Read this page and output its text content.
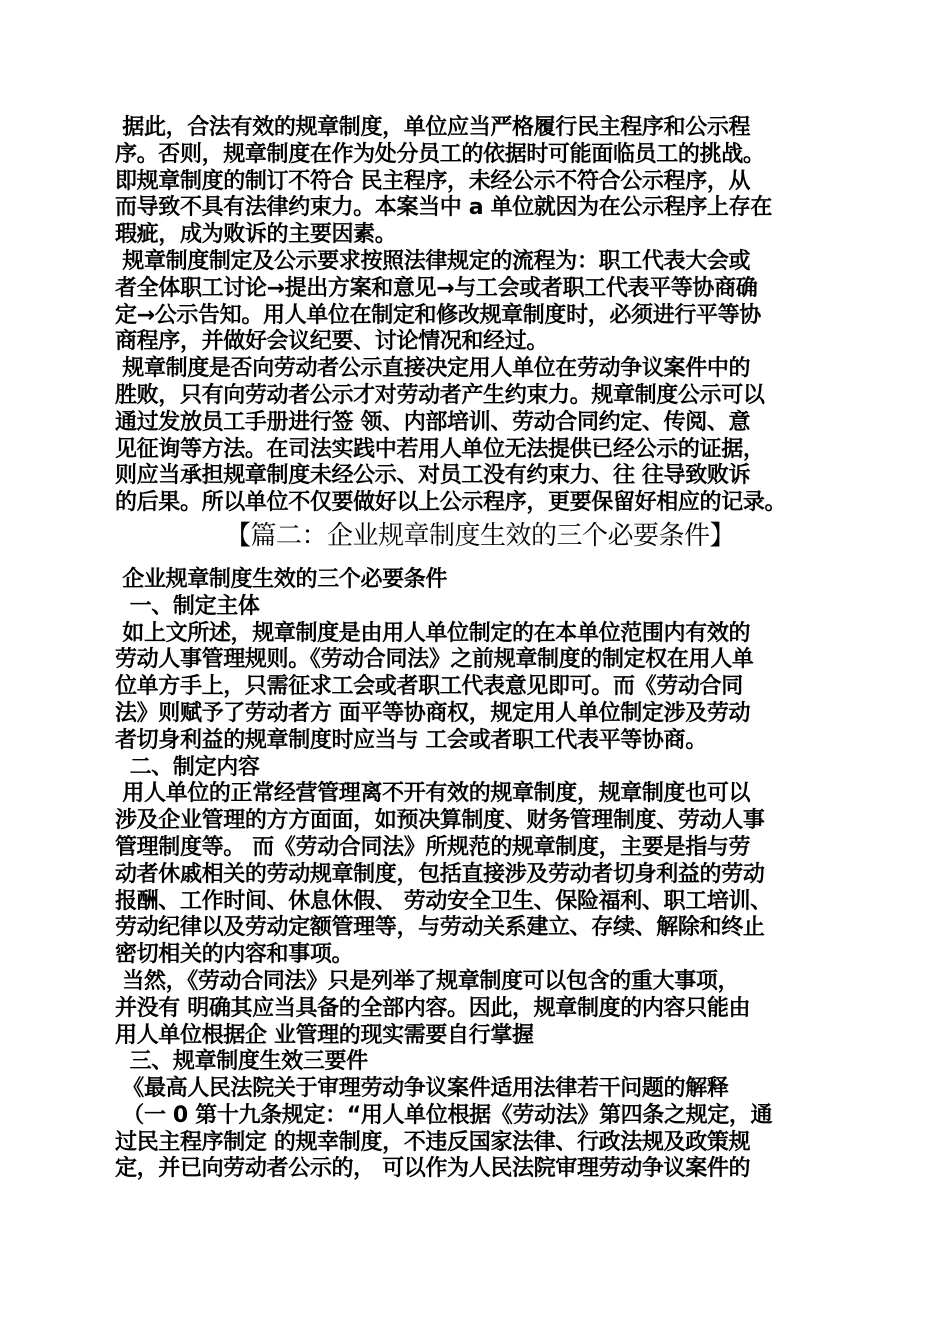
据此，合法有效的规章制度，单位应当严格履行民主程序和公示程
序。否则，规章制度在作为处分员工的依据时可能面临员工的挑战。
即规章制度的制订不符合 民主程序，未经公示不符合公示程序，从
而导致不具有法律约束力。本案当中 a 单位就因为在公示程序上存在
瑕疵，成为败诉的主要因素。
规章制度制定及公示要求按照法律规定的流程为：职工代表大会或
者全体职工讨论→提出方案和意见→与工会或者职工代表平等协商确
定→公示告知。用人单位在制定和修改规章制度时，必须进行平等协
商程序，并做好会议纪要、讨论情况和经过。
规章制度是否向劳动者公示直接决定用人单位在劳动争议案件中的
胜败，只有向劳动者公示才对劳动者产生约束力。规章制度公示可以
通过发放员工手册进行签 领、内部培训、劳动合同约定、传阅、意
见征询等方法。在司法实践中若用人单位无法提供已经公示的证据，
则应当承担规章制度未经公示、对员工没有约束力、往 往导致败诉
的后果。所以单位不仅要做好以上公示程序，更要保留好相应的记录。
【篇二：企业规章制度生效的三个必要条件】
企业规章制度生效的三个必要条件
一、制定主体
如上文所述，规章制度是由用人单位制定的在本单位范围内有效的
劳动人事管理规则。《劳动合同法》之前规章制度的制定权在用人单
位单方手上，只需征求工会或者职工代表意见即可。而《劳动合同
法》则赋予了劳动者方 面平等协商权，规定用人单位制定涉及劳动
者切身利益的规章制度时应当与 工会或者职工代表平等协商。
二、制定内容
用人单位的正常经营管理离不开有效的规章制度，规章制度也可以
涉及企业管理的方方面面，如预决算制度、财务管理制度、劳动人事
管理制度等。 而《劳动合同法》所规范的规章制度，主要是指与劳
动者休戚相关的劳动规章制度，包括直接涉及劳动者切身利益的劳动
报酬、工作时间、休息休假、 劳动安全卫生、保险福利、职工培训、
劳动纪律以及劳动定额管理等，与劳动关系建立、存续、解除和终止
密切相关的内容和事项。
当然，《劳动合同法》只是列举了规章制度可以包含的重大事项，
并没有 明确其应当具备的全部内容。因此，规章制度的内容只能由
用人单位根据企 业管理的现实需要自行掌握
三、规章制度生效三要件
《最高人民法院关于审理劳动争议案件适用法律若干问题的解释
（一 0 第十九条规定：“用人单位根据《劳动法》第四条之规定，通
过民主程序制定 的规幸制度，不违反国家法律、行政法规及政策规
定，并已向劳动者公示的， 可以作为人民法院审理劳动争议案件的
